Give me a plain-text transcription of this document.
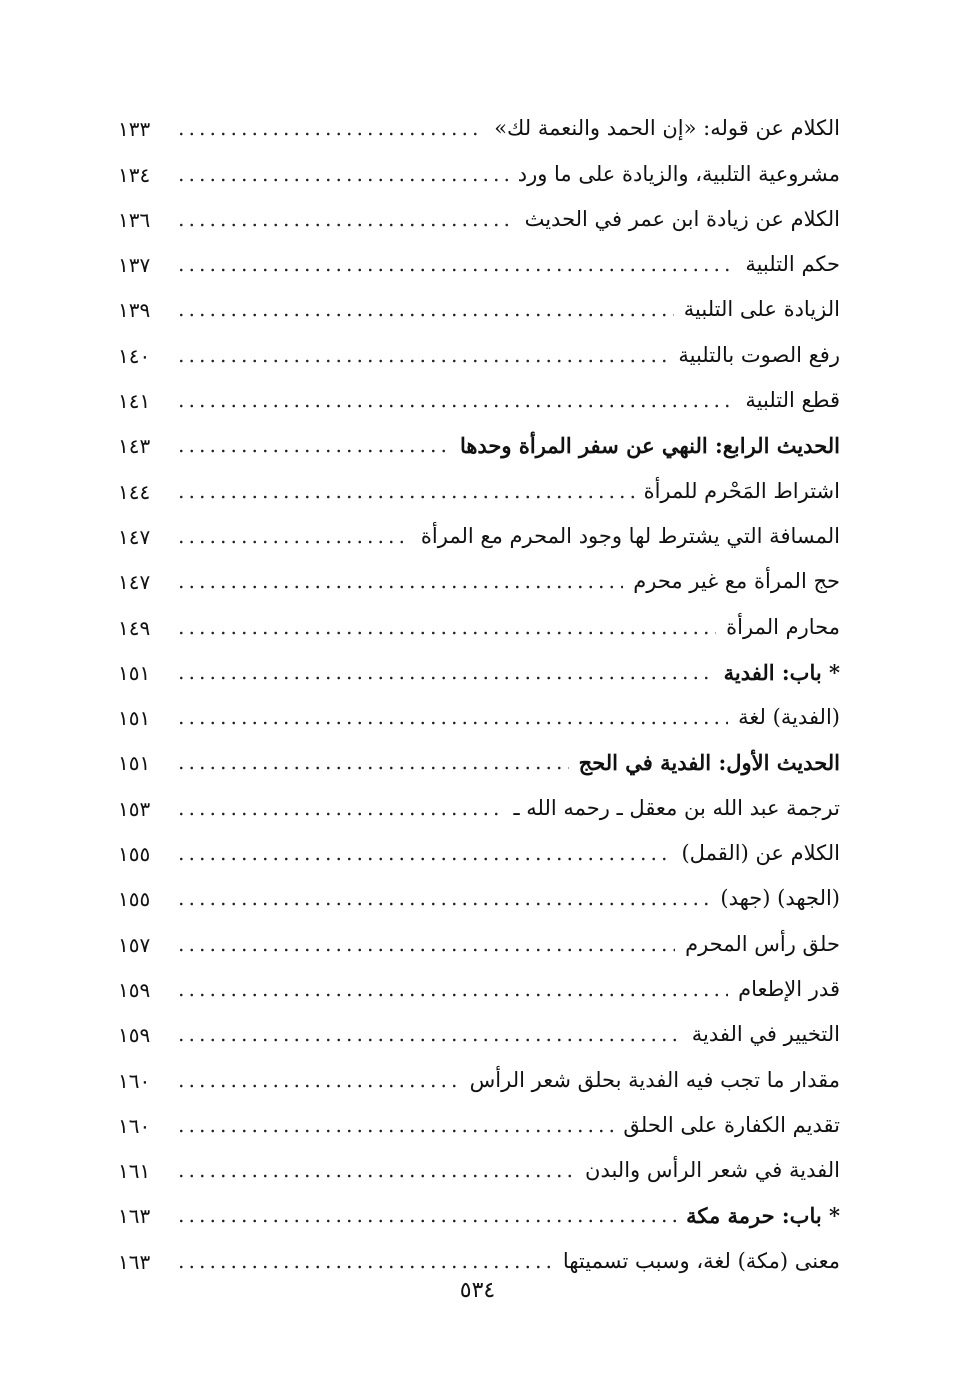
الكلام عن قوله: «إن الحمد والنعمة لك»
١٣٣
مشروعية التلبية، والزيادة على ما ورد
١٣٤
الكلام عن زيادة ابن عمر في الحديث
١٣٦
حكم التلبية
١٣٧
الزيادة على التلبية
١٣٩
رفع الصوت بالتلبية
١٤٠
قطع التلبية
١٤١
الحديث الرابع: النهي عن سفر المرأة وحدها
١٤٣
اشتراط المَحْرم للمرأة
١٤٤
المسافة التي يشترط لها وجود المحرم مع المرأة
١٤٧
حج المرأة مع غير محرم
١٤٧
محارم المرأة
١٤٩
* باب: الفدية
١٥١
(الفدية) لغة
١٥١
الحديث الأول: الفدية في الحج
١٥١
ترجمة عبد الله بن معقل ـ رحمه الله ـ
١٥٣
الكلام عن (القمل)
١٥٥
(الجهد) (جهد)
١٥٥
حلق رأس المحرم
١٥٧
قدر الإطعام
١٥٩
التخيير في الفدية
١٥٩
مقدار ما تجب فيه الفدية بحلق شعر الرأس
١٦٠
تقديم الكفارة على الحلق
١٦٠
الفدية في شعر الرأس والبدن
١٦١
* باب: حرمة مكة
١٦٣
معنى (مكة) لغة، وسبب تسميتها
١٦٣
٥٣٤
